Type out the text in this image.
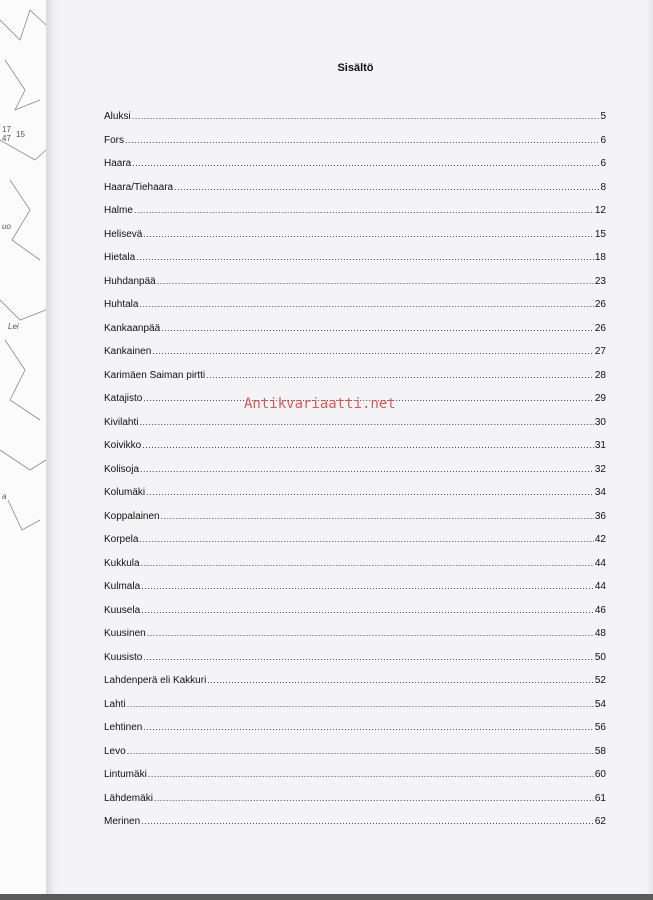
17
47 15
uo
Lei
a
Sisältö
Aluksi .....	5
Fors .....	6
Haara .....	6
Haara/Tiehaara .....	8
Halme .....	12
Helisevä .....	15
Hietala .....	18
Huhdanpää .....	23
Huhtala .....	26
Kankaanpää .....	26
Kankainen .....	27
Karimäen Saiman pirtti .....	28
Katajisto .....	29
Kivilahti .....	30
Koivikko .....	31
Kolisoja .....	32
Kolumäki .....	34
Koppalainen .....	36
Korpela .....	42
Kukkula .....	44
Kulmala .....	44
Kuusela .....	46
Kuusinen .....	48
Kuusisto .....	50
Lahdenperä eli Kakkuri .....	52
Lahti .....	54
Lehtinen .....	56
Levo .....	58
Lintumäki .....	60
Lähdemäki .....	61
Merinen .....	62
Antikvariaatti.net
